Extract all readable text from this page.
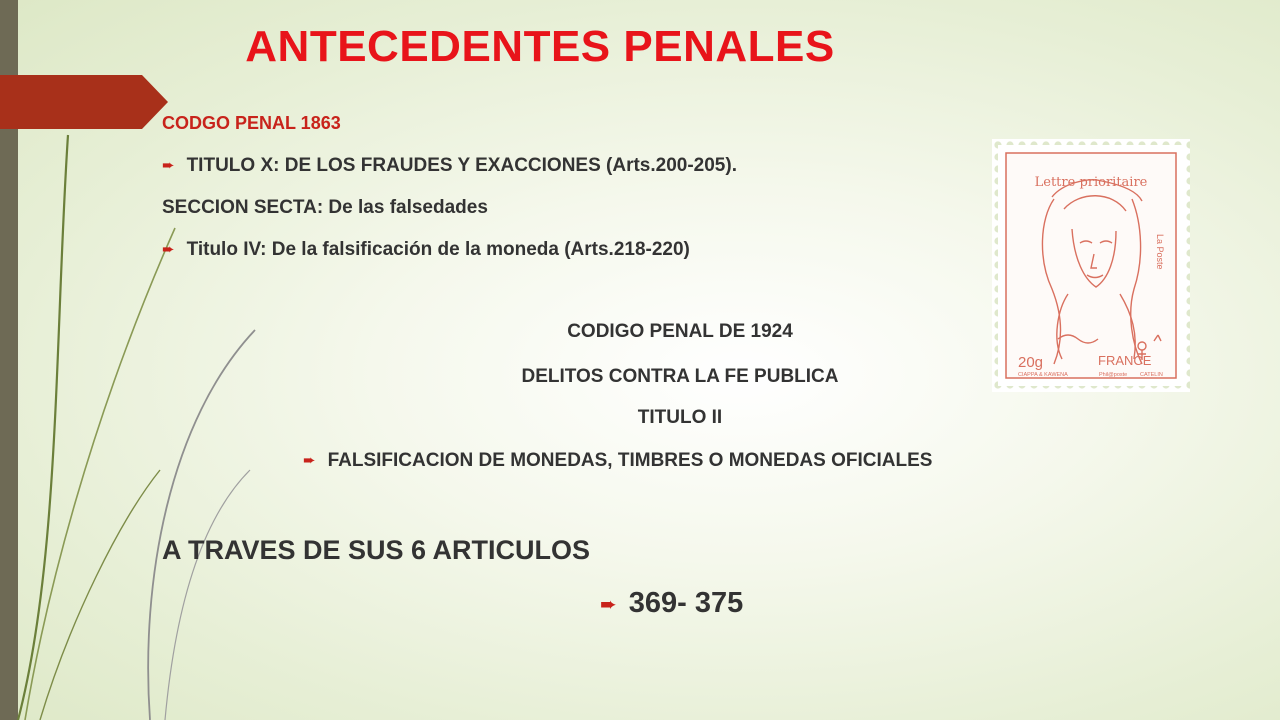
ANTECEDENTES PENALES

CODGO PENAL 1863

➨ TITULO X: DE LOS FRAUDES Y EXACCIONES (Arts.200-205).

SECCION SECTA: De las falsedades

➨ Titulo IV: De la falsificación de la moneda (Arts.218-220)

CODIGO PENAL DE 1924

DELITOS CONTRA LA FE PUBLICA

TITULO II

➨ FALSIFICACION DE MONEDAS, TIMBRES O MONEDAS OFICIALES

A TRAVES DE SUS 6 ARTICULOS

➨ 369- 375

Lettre prioritaire
La Poste
20g	FRANCE
CIAPPA & KAWENA	Phil@poste CATELIN
